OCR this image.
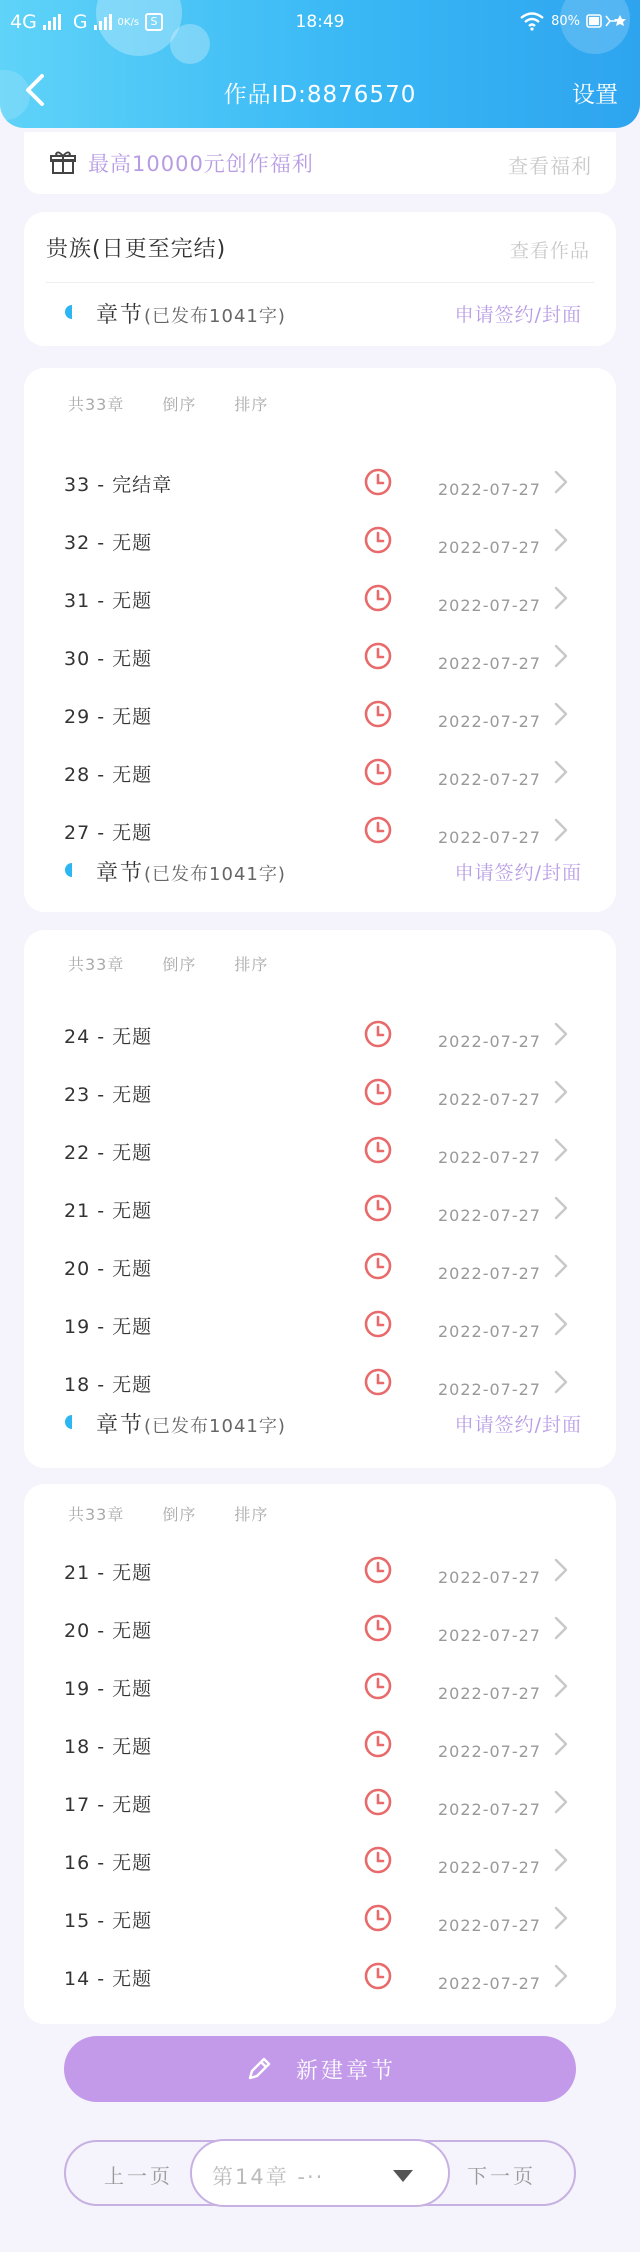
4G G	0K/s	S	18:49	80%
作品ID:8876570	设置
最高10000元创作福利	查看福利
贵族(日更至完结)	查看作品
章节(已发布1041字)	申请签约/封面
共33章 倒序 排序
33 - 完结章	2022-07-27
32 - 无题	2022-07-27
31 - 无题	2022-07-27
30 - 无题	2022-07-27
29 - 无题	2022-07-27
28 - 无题	2022-07-27
27 - 无题	2022-07-27
章节(已发布1041字)	申请签约/封面
共33章 倒序 排序
24 - 无题	2022-07-27
23 - 无题	2022-07-27
22 - 无题	2022-07-27
21 - 无题	2022-07-27
20 - 无题	2022-07-27
19 - 无题	2022-07-27
18 - 无题	2022-07-27
章节(已发布1041字)	申请签约/封面
共33章 倒序 排序
21 - 无题	2022-07-27
20 - 无题	2022-07-27
19 - 无题	2022-07-27
18 - 无题	2022-07-27
17 - 无题	2022-07-27
16 - 无题	2022-07-27
15 - 无题	2022-07-27
14 - 无题	2022-07-27
新建章节
上一页	下一页
第14章 -··
